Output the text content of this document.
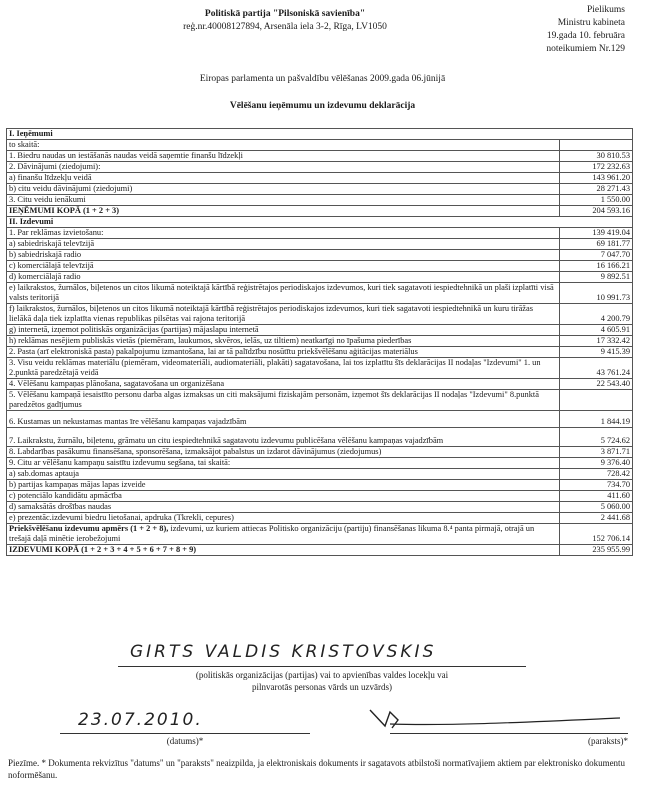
Politiskā partija "Pilsoniskā savienība"
reģ.nr.40008127894, Arsenāla iela 3-2, Rīga, LV1050
Pielikums
Ministru kabineta
19.gada 10. februāra
noteikumiem Nr.129
Eiropas parlamenta un pašvaldību vēlēšanas 2009.gada 06.jūnijā
Vēlēšanu ieņēmumu un izdevumu deklarācija
I. Ieņēmumi	
to skaitā:	
1. Biedru naudas un iestāšanās naudas veidā saņemtie finanšu līdzekļi	30 810.53
2. Dāvinājumi (ziedojumi):	172 232.63
a) finanšu līdzekļu veidā	143 961.20
b) citu veidu dāvinājumi (ziedojumi)	28 271.43
3. Citu veidu ienākumi	1 550.00
IEŅĒMUMI KOPĀ (1 + 2 + 3)	204 593.16
II. Izdevumi	
1. Par reklāmas izvietošanu:	139 419.04
a) sabiedriskajā televīzijā	69 181.77
b) sabiedriskajā radio	7 047.70
c) komerciālajā televīzijā	16 166.21
d) komerciālajā radio	9 892.51
e) laikrakstos, žurnālos, biļetenos un citos likumā noteiktajā kārtībā reģistrētajos periodiskajos izdevumos, kuri tiek sagatavoti iespiedtehnikā un plaši izplatīti visā valsts teritorijā	10 991.73
f) laikrakstos, žurnālos, biļetenos un citos likumā noteiktajā kārtībā reģistrētajos periodiskajos izdevumos, kuri tiek sagatavoti iespiedtehnikā un kuru tirāžas lielākā daļa tiek izplatīta vienas republikas pilsētas vai rajona teritorijā	4 200.79
g) internetā, izņemot politiskās organizācijas (partijas) mājaslapu internetā	4 605.91
h) reklāmas nesējiem publiskās vietās (piemēram, laukumos, skvēros, ielās, uz tiltiem) neatkarīgi no īpašuma piederības	17 332.42
2. Pasta (arī elektroniskā pasta) pakalpojumu izmantošana, lai ar tā palīdzību nosūtītu priekšvēlēšanu aģitācijas materiālus	9 415.39
3. Visu veidu reklāmas materiālu (piemēram, videomateriāli, audiomateriāli, plakāti) sagatavošana, lai tos izplatītu šīs deklarācijas II nodaļas "Izdevumi" 1. un 2.punktā paredzētajā veidā	43 761.24
4. Vēlēšanu kampaņas plānošana, sagatavošana un organizēšana	22 543.40
5. Vēlēšanu kampaņā iesaistīto personu darba algas izmaksas un citi maksājumi fiziskajām personām, izņemot šīs deklarācijas II nodaļas "Izdevumi" 8.punktā paredzētos gadījumus	
6. Kustamas un nekustamas mantas īre vēlēšanu kampaņas vajadzībām	1 844.19
7. Laikrakstu, žurnālu, biļetenu, grāmatu un citu iespiedtehnikā sagatavotu izdevumu publicēšana vēlēšanu kampaņas vajadzībām	5 724.62
8. Labdarības pasākumu finansēšana, sponsorēšana, izmaksājot pabalstus un izdarot dāvinājumus (ziedojumus)	3 871.71
9. Citu ar vēlēšanu kampaņu saistītu izdevumu segšana, tai skaitā:	9 376.40
a) sab.domas aptauja	728.42
b) partijas kampaņas mājas lapas izveide	734.70
c) potenciālo kandidātu apmācība	411.60
d) samaksātās drošības naudas	5 060.00
e) prezentāc.izdevumi biedru lietošanai, apdruka (Tkrekli, cepures)	2 441.68
Priekšvēlēšanu izdevumu apmērs (1 + 2 + 8), izdevumi, uz kuriem attiecas Politisko organizāciju (partiju) finansēšanas likuma 8.⁴ panta pirmajā, otrajā un trešajā daļā minētie ierobežojumi	152 706.14
IZDEVUMI KOPĀ (1 + 2 + 3 + 4 + 5 + 6 + 7 + 8 + 9)	235 955.99
GIRTS VALDIS KRISTOVSKIS
(politiskās organizācijas (partijas) vai to apvienības valdes locekļu vai
pilnvarotās personas vārds un uzvārds)
23.07.2010.
(datums)*	(paraksts)*
Piezīme. * Dokumenta rekvizītus "datums" un "paraksts" neaizpilda, ja elektroniskais dokuments ir sagatavots atbilstoši normatīvajiem aktiem par elektronisko dokumentu noformēšanu.
